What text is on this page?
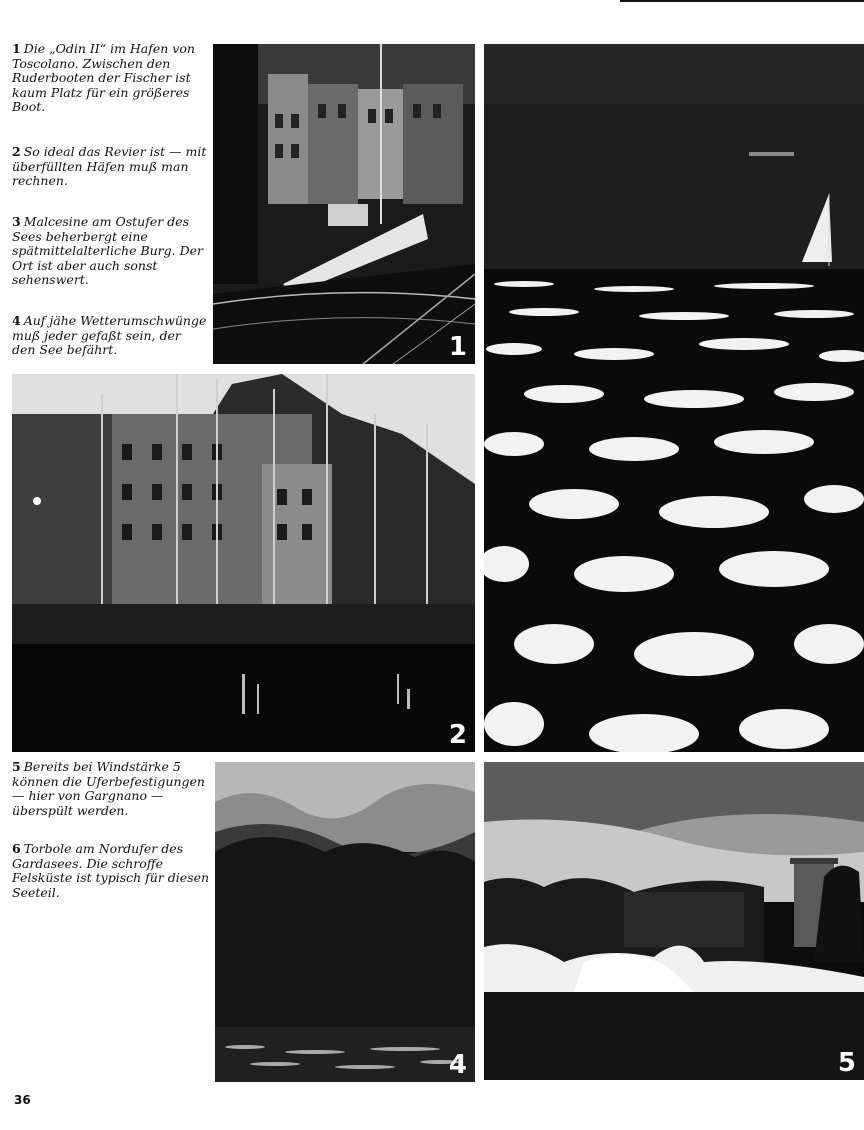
1 Die „Odin II“ im Hafen von Toscolano. Zwischen den Ruderbooten der Fischer ist kaum Platz für ein größeres Boot.
2 So ideal das Revier ist — mit überfüllten Häfen muß man rechnen.
3 Malcesine am Ostufer des Sees beherbergt eine spätmittelalterliche Burg. Der Ort ist aber auch sonst sehenswert.
4 Auf jähe Wetterumschwünge muß jeder gefaßt sein, der den See befährt.
5 Bereits bei Windstärke 5 können die Uferbefestigungen — hier von Gargnano — überspült werden.
6 Torbole am Nordufer des Gardasees. Die schroffe Felsküste ist typisch für diesen Seeteil.
1
2
4	5
36
